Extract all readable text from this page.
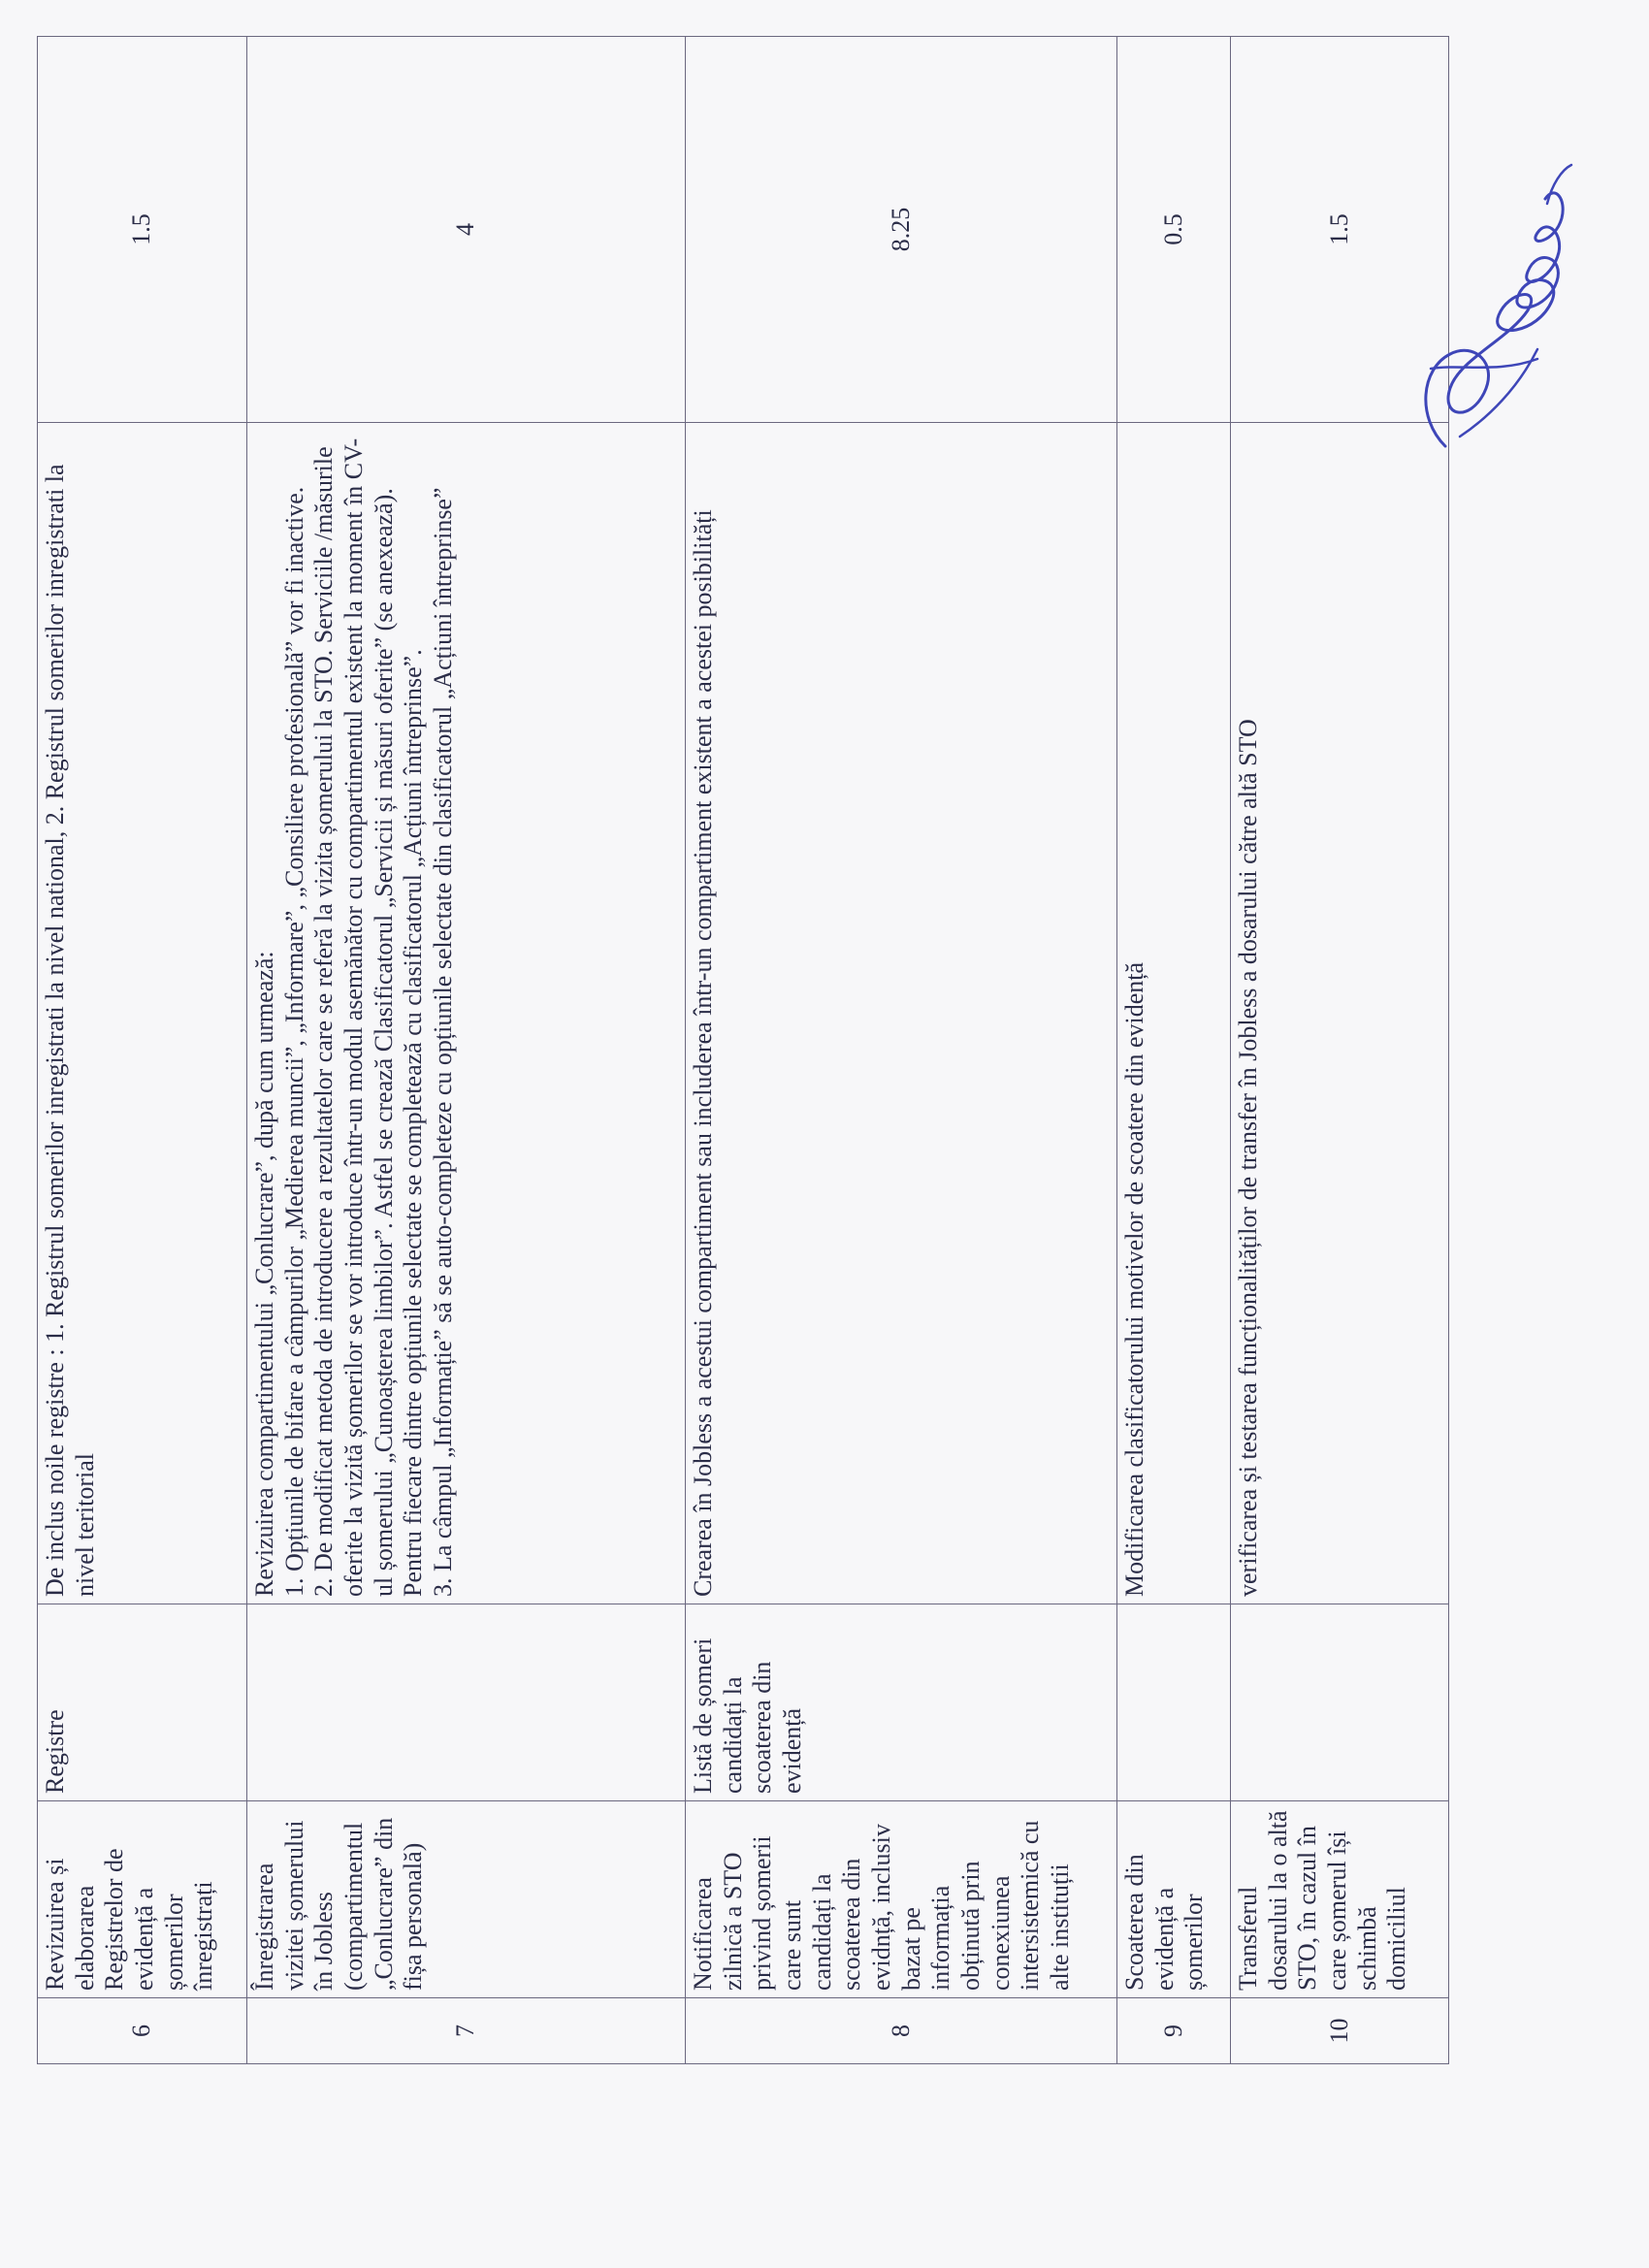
6	Revizuirea și elaborarea Registrelor de evidență a șomerilor înregistrați	Registre	De inclus noile registre : 1. Registrul somerilor inregistrati la nivel national, 2. Registrul somerilor inregistrati la nivel teritorial	1.5
7	Înregistrarea vizitei șomerului în Jobless (compartimentul „Conlucrare” din fișa personală)		Revizuirea compartimentului „Conlucrare”, după cum urmează: 1. Opțiunile de bifare a câmpurilor „Medierea muncii”, „Informare”, „Consiliere profesională” vor fi inactive. 2. De modificat metoda de introducere a rezultatelor care se referă la vizita șomerului la STO. Serviciile /măsurile oferite la vizită șomerilor se vor introduce într-un modul asemănător cu compartimentul existent la moment în CV-ul șomerului „Cunoașterea limbilor”. Astfel se crează Clasificatorul „Servicii și măsuri oferite” (se anexează). Pentru fiecare dintre opțiunile selectate se completează cu clasificatorul „Acțiuni întreprinse”. 3. La câmpul „Informație” să se auto-completeze cu opțiunile selectate din clasificatorul „Acțiuni întreprinse”	4
8	Notificarea zilnică a STO privind șomerii care sunt candidați la scoaterea din evidnță, inclusiv bazat pe informația obținută prin conexiunea intersistemică cu alte instituții	Listă de șomeri candidați la scoaterea din evidență	Crearea în Jobless a acestui compartiment sau includerea într-un compartiment existent a acestei posibilități	8.25
9	Scoaterea din evidență a șomerilor		Modificarea clasificatorului motivelor de scoatere din evidență	0.5
10	Transferul dosarului la o altă STO, în cazul în care șomerul își schimbă domiciliul		verificarea și testarea funcționalităților de transfer în Jobless a dosarului către altă STO	1.5
